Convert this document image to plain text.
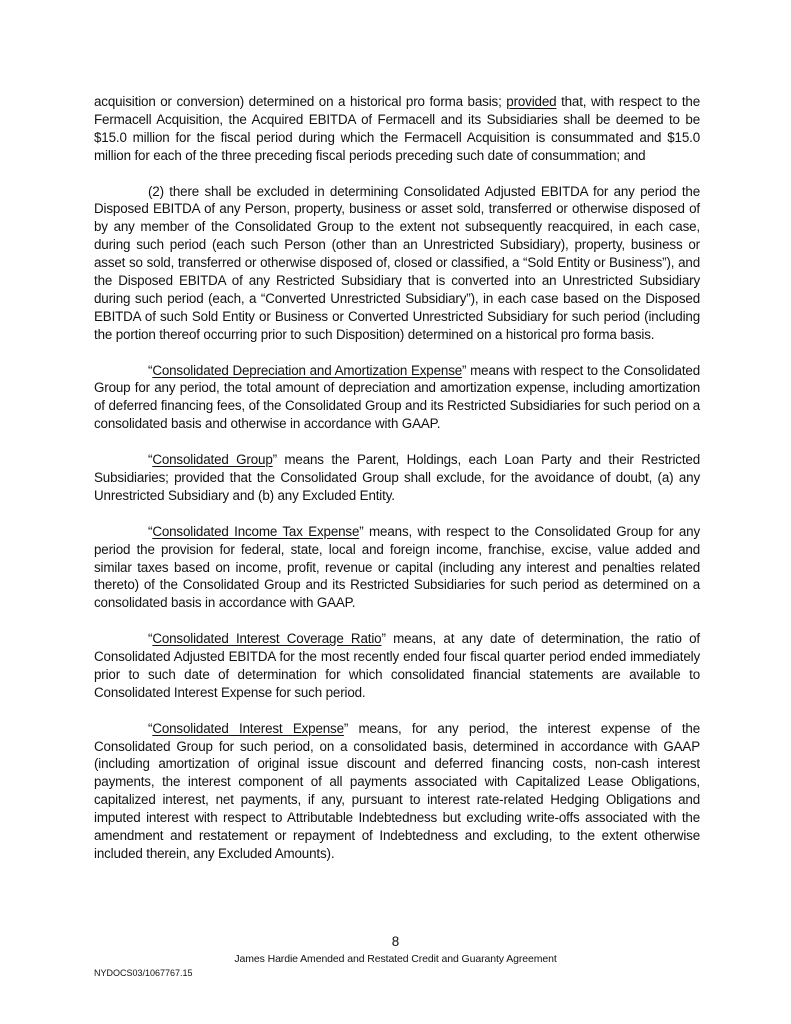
acquisition or conversion) determined on a historical pro forma basis; provided that, with respect to the Fermacell Acquisition, the Acquired EBITDA of Fermacell and its Subsidiaries shall be deemed to be $15.0 million for the fiscal period during which the Fermacell Acquisition is consummated and $15.0 million for each of the three preceding fiscal periods preceding such date of consummation; and

(2) there shall be excluded in determining Consolidated Adjusted EBITDA for any period the Disposed EBITDA of any Person, property, business or asset sold, transferred or otherwise disposed of by any member of the Consolidated Group to the extent not subsequently reacquired, in each case, during such period (each such Person (other than an Unrestricted Subsidiary), property, business or asset so sold, transferred or otherwise disposed of, closed or classified, a “Sold Entity or Business”), and the Disposed EBITDA of any Restricted Subsidiary that is converted into an Unrestricted Subsidiary during such period (each, a “Converted Unrestricted Subsidiary”), in each case based on the Disposed EBITDA of such Sold Entity or Business or Converted Unrestricted Subsidiary for such period (including the portion thereof occurring prior to such Disposition) determined on a historical pro forma basis.

“Consolidated Depreciation and Amortization Expense” means with respect to the Consolidated Group for any period, the total amount of depreciation and amortization expense, including amortization of deferred financing fees, of the Consolidated Group and its Restricted Subsidiaries for such period on a consolidated basis and otherwise in accordance with GAAP.

“Consolidated Group” means the Parent, Holdings, each Loan Party and their Restricted Subsidiaries; provided that the Consolidated Group shall exclude, for the avoidance of doubt, (a) any Unrestricted Subsidiary and (b) any Excluded Entity.

“Consolidated Income Tax Expense” means, with respect to the Consolidated Group for any period the provision for federal, state, local and foreign income, franchise, excise, value added and similar taxes based on income, profit, revenue or capital (including any interest and penalties related thereto) of the Consolidated Group and its Restricted Subsidiaries for such period as determined on a consolidated basis in accordance with GAAP.

“Consolidated Interest Coverage Ratio” means, at any date of determination, the ratio of Consolidated Adjusted EBITDA for the most recently ended four fiscal quarter period ended immediately prior to such date of determination for which consolidated financial statements are available to Consolidated Interest Expense for such period.

“Consolidated Interest Expense” means, for any period, the interest expense of the Consolidated Group for such period, on a consolidated basis, determined in accordance with GAAP (including amortization of original issue discount and deferred financing costs, non-cash interest payments, the interest component of all payments associated with Capitalized Lease Obligations, capitalized interest, net payments, if any, pursuant to interest rate-related Hedging Obligations and imputed interest with respect to Attributable Indebtedness but excluding write-offs associated with the amendment and restatement or repayment of Indebtedness and excluding, to the extent otherwise included therein, any Excluded Amounts).

8
James Hardie Amended and Restated Credit and Guaranty Agreement
NYDOCS03/1067767.15
